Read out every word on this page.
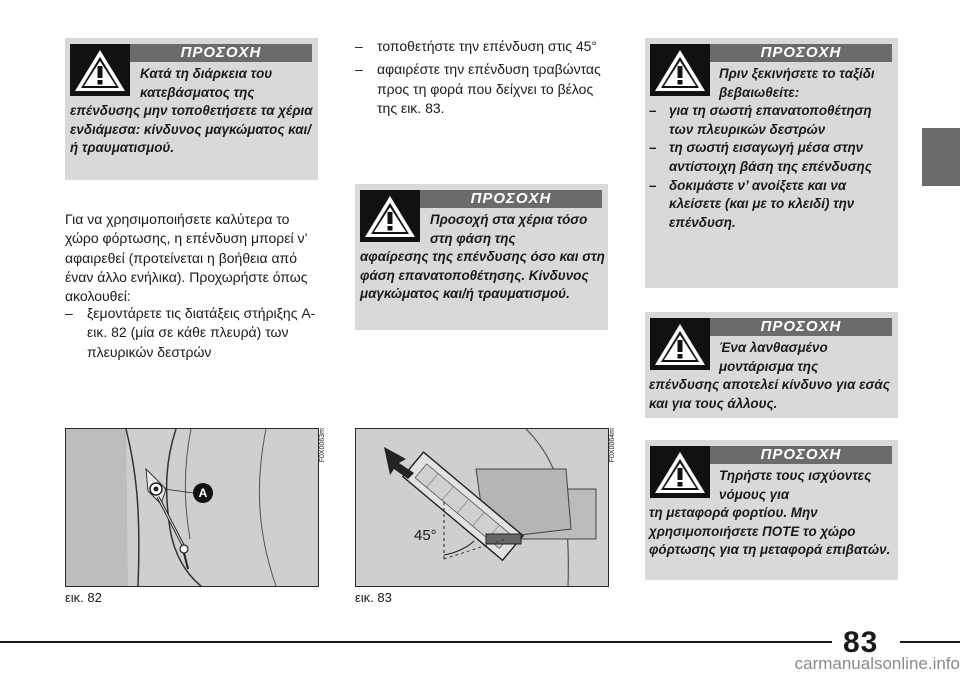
ΠΡΟΣΟΧΗ
Κατά τη διάρκεια του κατεβάσματος της
επένδυσης μην τοποθετήσετε τα χέρια ενδιάμεσα: κίνδυνος μαγκώματος και/ή τραυματισμού.

Για να χρησιμοποιήσετε καλύτερα το χώρο φόρτωσης, η επένδυση μπορεί ν’ αφαιρεθεί (προτείνεται η βοήθεια από έναν άλλο ενήλικα). Προχωρήστε όπως ακολουθεί:

– ξεμοντάρετε τις διατάξεις στήριξης A-εικ. 82 (μία σε κάθε πλευρά) των πλευρικών δεστρών
– τοποθετήστε την επένδυση στις 45°
– αφαιρέστε την επένδυση τραβώντας προς τη φορά που δείχνει το βέλος της εικ. 83.
ΠΡΟΣΟΧΗ
Προσοχή στα χέρια τόσο στη φάση της
αφαίρεσης της επένδυσης όσο και στη φάση επανατοποθέτησης. Κίνδυνος μαγκώματος και/ή τραυματισμού.
ΠΡΟΣΟΧΗ
Πριν ξεκινήσετε το ταξίδι βεβαιωθείτε:
– για τη σωστή επανατοποθέτηση των πλευρικών δεστρών
– τη σωστή εισαγωγή μέσα στην αντίστοιχη βάση της επένδυσης
– δοκιμάστε ν’ ανοίξετε και να κλείσετε (και με το κλειδί) την επένδυση.
ΠΡΟΣΟΧΗ
Ένα λανθασμένο μοντάρισμα της
επένδυσης αποτελεί κίνδυνο για εσάς και για τους άλλους.
ΠΡΟΣΟΧΗ
Τηρήστε τους ισχύοντες νόμους για
τη μεταφορά φορτίου. Μην χρησιμοποιήσετε ΠΟΤΕ το χώρο φόρτωσης για τη μεταφορά επιβατών.
A
F0X0063m
εικ. 82
45°
F0X0064m
εικ. 83
83
carmanualsonline.info
